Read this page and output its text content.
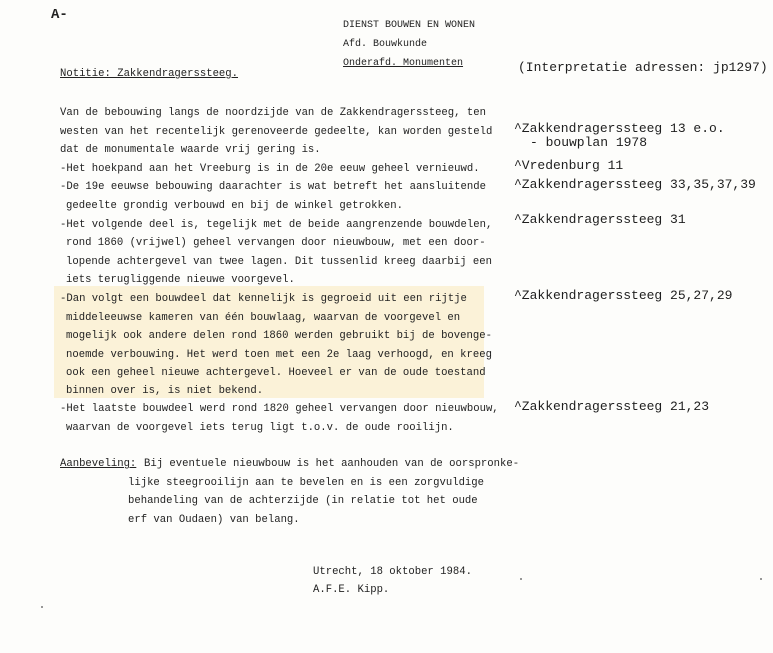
A-
DIENST BOUWEN EN WONEN
Afd. Bouwkunde
Onderafd. Monumenten	(Interpretatie adressen: jp1297)
Notitie: Zakkendragerssteeg.
Van de bebouwing langs de noordzijde van de Zakkendragerssteeg, ten
westen van het recentelijk gerenoveerde gedeelte, kan worden gesteld
dat de monumentale waarde vrij gering is.
-Het hoekpand aan het Vreeburg is in de 20e eeuw geheel vernieuwd.
-De 19e eeuwse bebouwing daarachter is wat betreft het aansluitende
gedeelte grondig verbouwd en bij de winkel getrokken.
-Het volgende deel is, tegelijk met de beide aangrenzende bouwdelen,
rond 1860 (vrijwel) geheel vervangen door nieuwbouw, met een door-
lopende achtergevel van twee lagen. Dit tussenlid kreeg daarbij een
iets terugliggende nieuwe voorgevel.
-Dan volgt een bouwdeel dat kennelijk is gegroeid uit een rijtje
middeleeuwse kameren van één bouwlaag, waarvan de voorgevel en
mogelijk ook andere delen rond 1860 werden gebruikt bij de bovenge-
noemde verbouwing. Het werd toen met een 2e laag verhoogd, en kreeg
ook een geheel nieuwe achtergevel. Hoeveel er van de oude toestand
binnen over is, is niet bekend.
-Het laatste bouwdeel werd rond 1820 geheel vervangen door nieuwbouw,
waarvan de voorgevel iets terug ligt t.o.v. de oude rooilijn.
^Zakkendragerssteeg 13 e.o.
- bouwplan 1978
^Vredenburg 11
^Zakkendragerssteeg 33,35,37,39
^Zakkendragerssteeg 31
^Zakkendragerssteeg 25,27,29
^Zakkendragerssteeg 21,23
Aanbeveling: Bij eventuele nieuwbouw is het aanhouden van de oorspronke-
lijke steegrooilijn aan te bevelen en is een zorgvuldige
behandeling van de achterzijde (in relatie tot het oude
erf van Oudaen) van belang.
Utrecht, 18 oktober 1984.
A.F.E. Kipp.
